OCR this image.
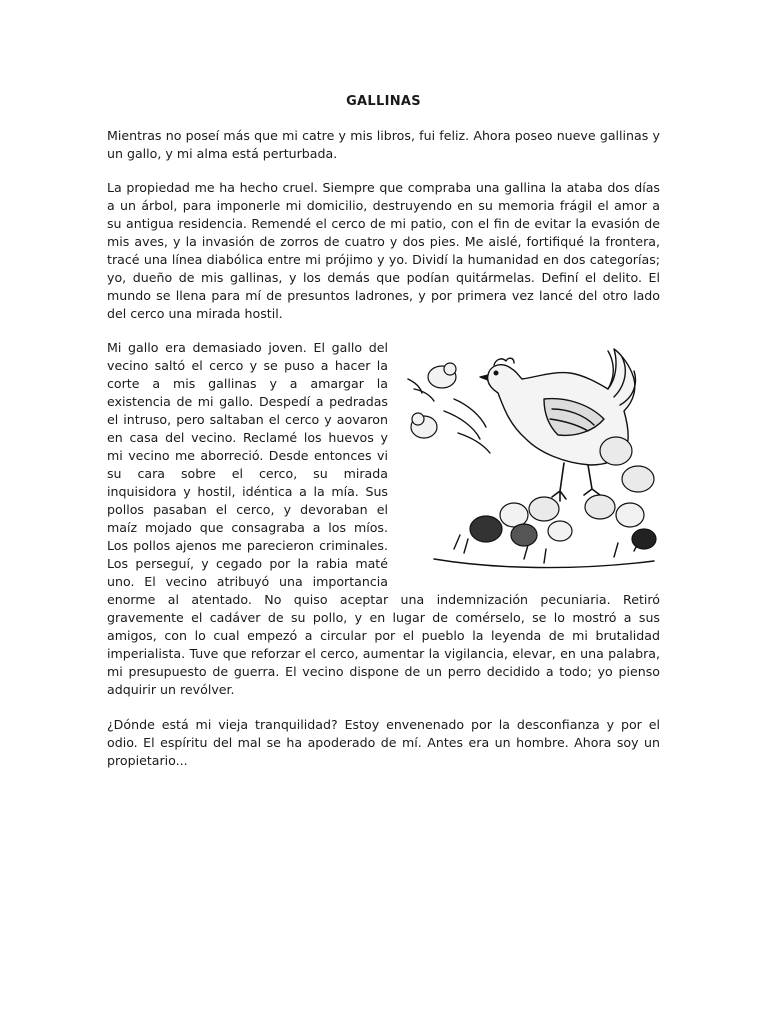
GALLINAS

Mientras no poseí más que mi catre y mis libros, fui feliz. Ahora poseo nueve gallinas y un gallo, y mi alma está perturbada.

La propiedad me ha hecho cruel. Siempre que compraba una gallina la ataba dos días a un árbol, para imponerle mi domicilio, destruyendo en su memoria frágil el amor a su antigua residencia. Remendé el cerco de mi patio, con el fin de evitar la evasión de mis aves, y la invasión de zorros de cuatro y dos pies. Me aislé, fortifiqué la frontera, tracé una línea diabólica entre mi prójimo y yo. Dividí la humanidad en dos categorías; yo, dueño de mis gallinas, y los demás que podían quitármelas. Definí el delito. El mundo se llena para mí de presuntos ladrones, y por primera vez lancé del otro lado del cerco una mirada hostil.

Mi gallo era demasiado joven. El gallo del vecino saltó el cerco y se puso a hacer la corte a mis gallinas y a amargar la existencia de mi gallo. Despedí a pedradas el intruso, pero saltaban el cerco y aovaron en casa del vecino. Reclamé los huevos y mi vecino me aborreció. Desde entonces vi su cara sobre el cerco, su mirada inquisidora y hostil, idéntica a la mía. Sus pollos pasaban el cerco, y devoraban el maíz mojado que consagraba a los míos. Los pollos ajenos me parecieron criminales. Los perseguí, y cegado por la rabia maté uno. El vecino atribuyó una importancia enorme al atentado. No quiso aceptar una indemnización pecuniaria. Retiró gravemente el cadáver de su pollo, y en lugar de comérselo, se lo mostró a sus amigos, con lo cual empezó a circular por el pueblo la leyenda de mi brutalidad imperialista. Tuve que reforzar el cerco, aumentar la vigilancia, elevar, en una palabra, mi presupuesto de guerra. El vecino dispone de un perro decidido a todo; yo pienso adquirir un revólver.

¿Dónde está mi vieja tranquilidad? Estoy envenenado por la desconfianza y por el odio. El espíritu del mal se ha apoderado de mí. Antes era un hombre. Ahora soy un propietario...
